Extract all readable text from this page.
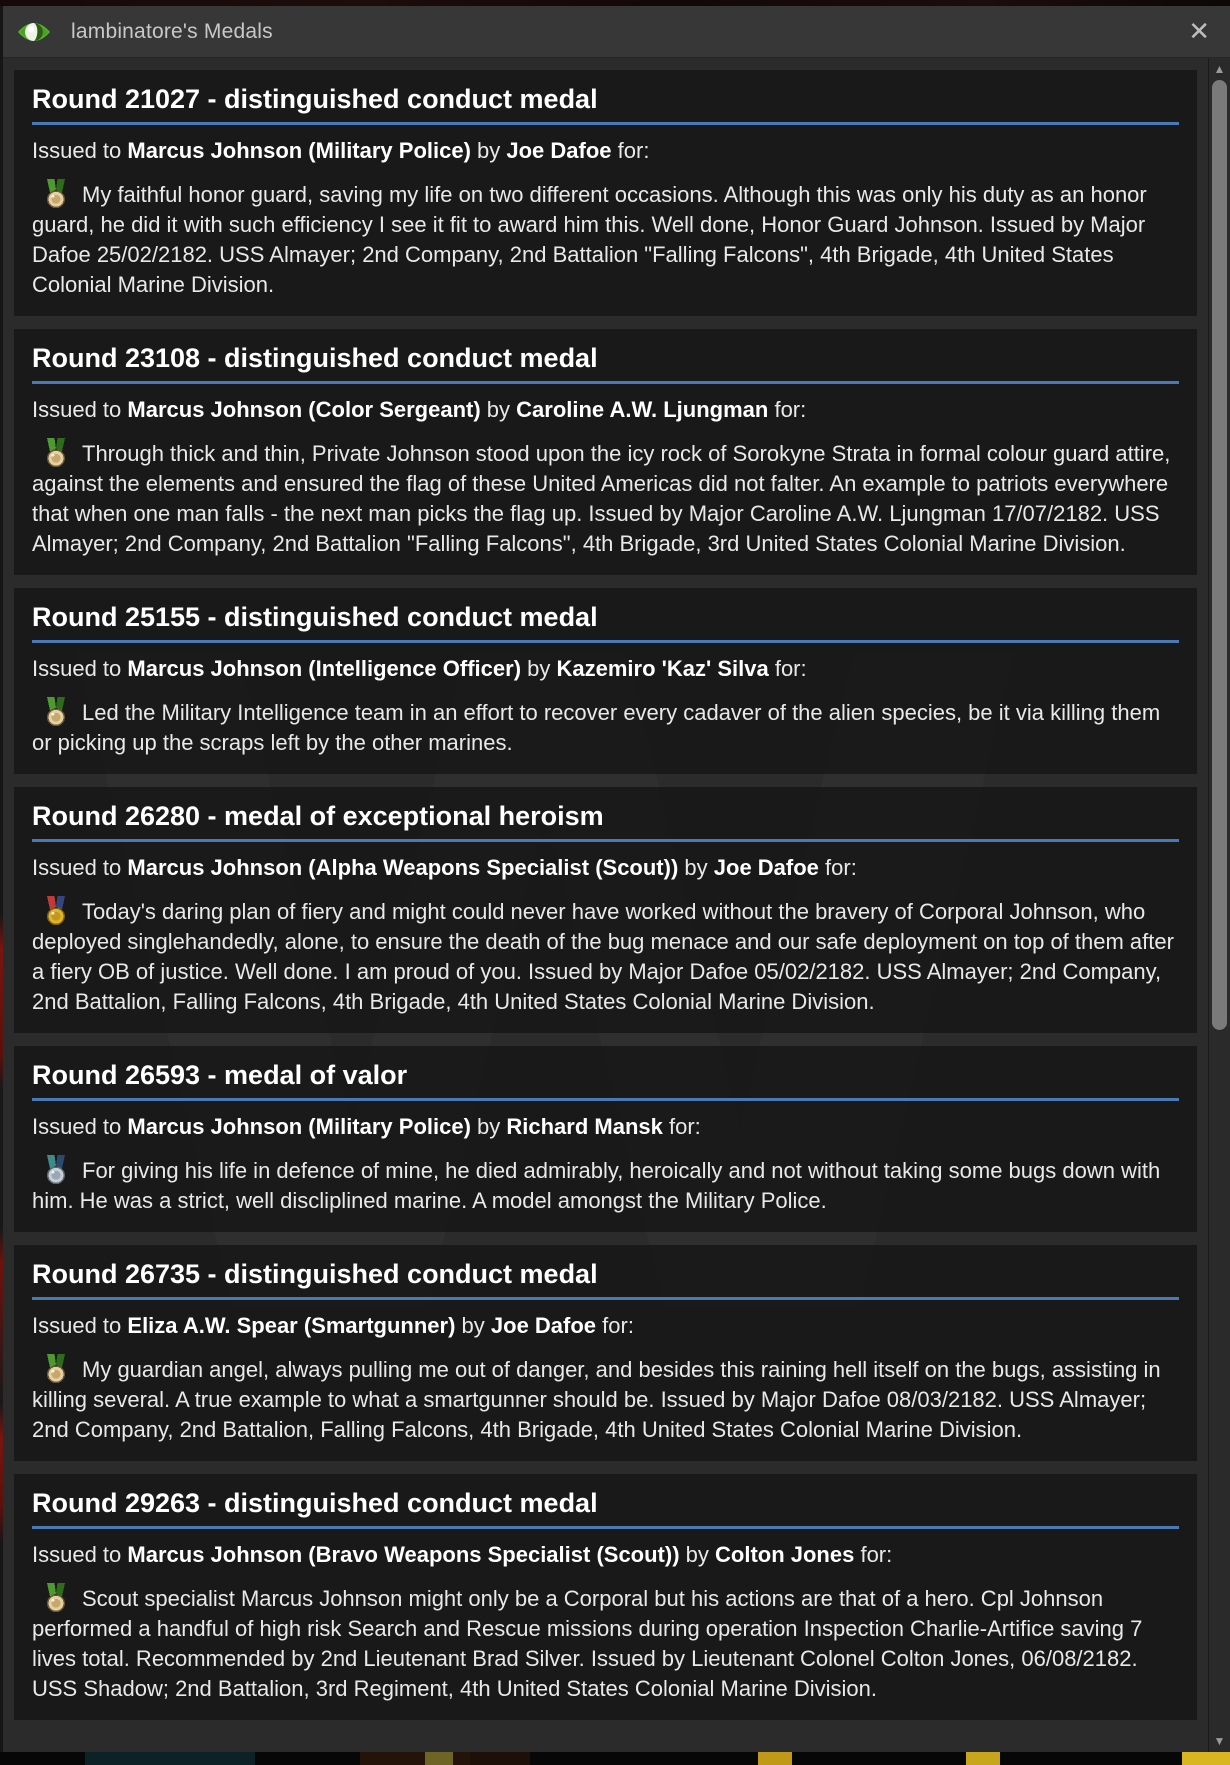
lambinatore's Medals	✕
Round 21027 - distinguished conduct medal

Issued to Marcus Johnson (Military Police) by Joe Dafoe for:

My faithful honor guard, saving my life on two different occasions. Although this was only his duty as an honor guard, he did it with such efficiency I see it fit to award him this. Well done, Honor Guard Johnson. Issued by Major Dafoe 25/02/2182. USS Almayer; 2nd Company, 2nd Battalion "Falling Falcons", 4th Brigade, 4th United States Colonial Marine Division.

Round 23108 - distinguished conduct medal

Issued to Marcus Johnson (Color Sergeant) by Caroline A.W. Ljungman for:

Through thick and thin, Private Johnson stood upon the icy rock of Sorokyne Strata in formal colour guard attire, against the elements and ensured the flag of these United Americas did not falter. An example to patriots everywhere that when one man falls - the next man picks the flag up. Issued by Major Caroline A.W. Ljungman 17/07/2182. USS Almayer; 2nd Company, 2nd Battalion "Falling Falcons", 4th Brigade, 3rd United States Colonial Marine Division.

Round 25155 - distinguished conduct medal

Issued to Marcus Johnson (Intelligence Officer) by Kazemiro 'Kaz' Silva for:

Led the Military Intelligence team in an effort to recover every cadaver of the alien species, be it via killing them or picking up the scraps left by the other marines.

Round 26280 - medal of exceptional heroism

Issued to Marcus Johnson (Alpha Weapons Specialist (Scout)) by Joe Dafoe for:

Today's daring plan of fiery and might could never have worked without the bravery of Corporal Johnson, who deployed singlehandedly, alone, to ensure the death of the bug menace and our safe deployment on top of them after a fiery OB of justice. Well done. I am proud of you. Issued by Major Dafoe 05/02/2182. USS Almayer; 2nd Company, 2nd Battalion, Falling Falcons, 4th Brigade, 4th United States Colonial Marine Division.

Round 26593 - medal of valor

Issued to Marcus Johnson (Military Police) by Richard Mansk for:

For giving his life in defence of mine, he died admirably, heroically and not without taking some bugs down with him. He was a strict, well discliplined marine. A model amongst the Military Police.

Round 26735 - distinguished conduct medal

Issued to Eliza A.W. Spear (Smartgunner) by Joe Dafoe for:

My guardian angel, always pulling me out of danger, and besides this raining hell itself on the bugs, assisting in killing several. A true example to what a smartgunner should be. Issued by Major Dafoe 08/03/2182. USS Almayer; 2nd Company, 2nd Battalion, Falling Falcons, 4th Brigade, 4th United States Colonial Marine Division.

Round 29263 - distinguished conduct medal

Issued to Marcus Johnson (Bravo Weapons Specialist (Scout)) by Colton Jones for:

Scout specialist Marcus Johnson might only be a Corporal but his actions are that of a hero. Cpl Johnson performed a handful of high risk Search and Rescue missions during operation Inspection Charlie-Artifice saving 7 lives total. Recommended by 2nd Lieutenant Brad Silver. Issued by Lieutenant Colonel Colton Jones, 06/08/2182. USS Shadow; 2nd Battalion, 3rd Regiment, 4th United States Colonial Marine Division.

▲
▼
